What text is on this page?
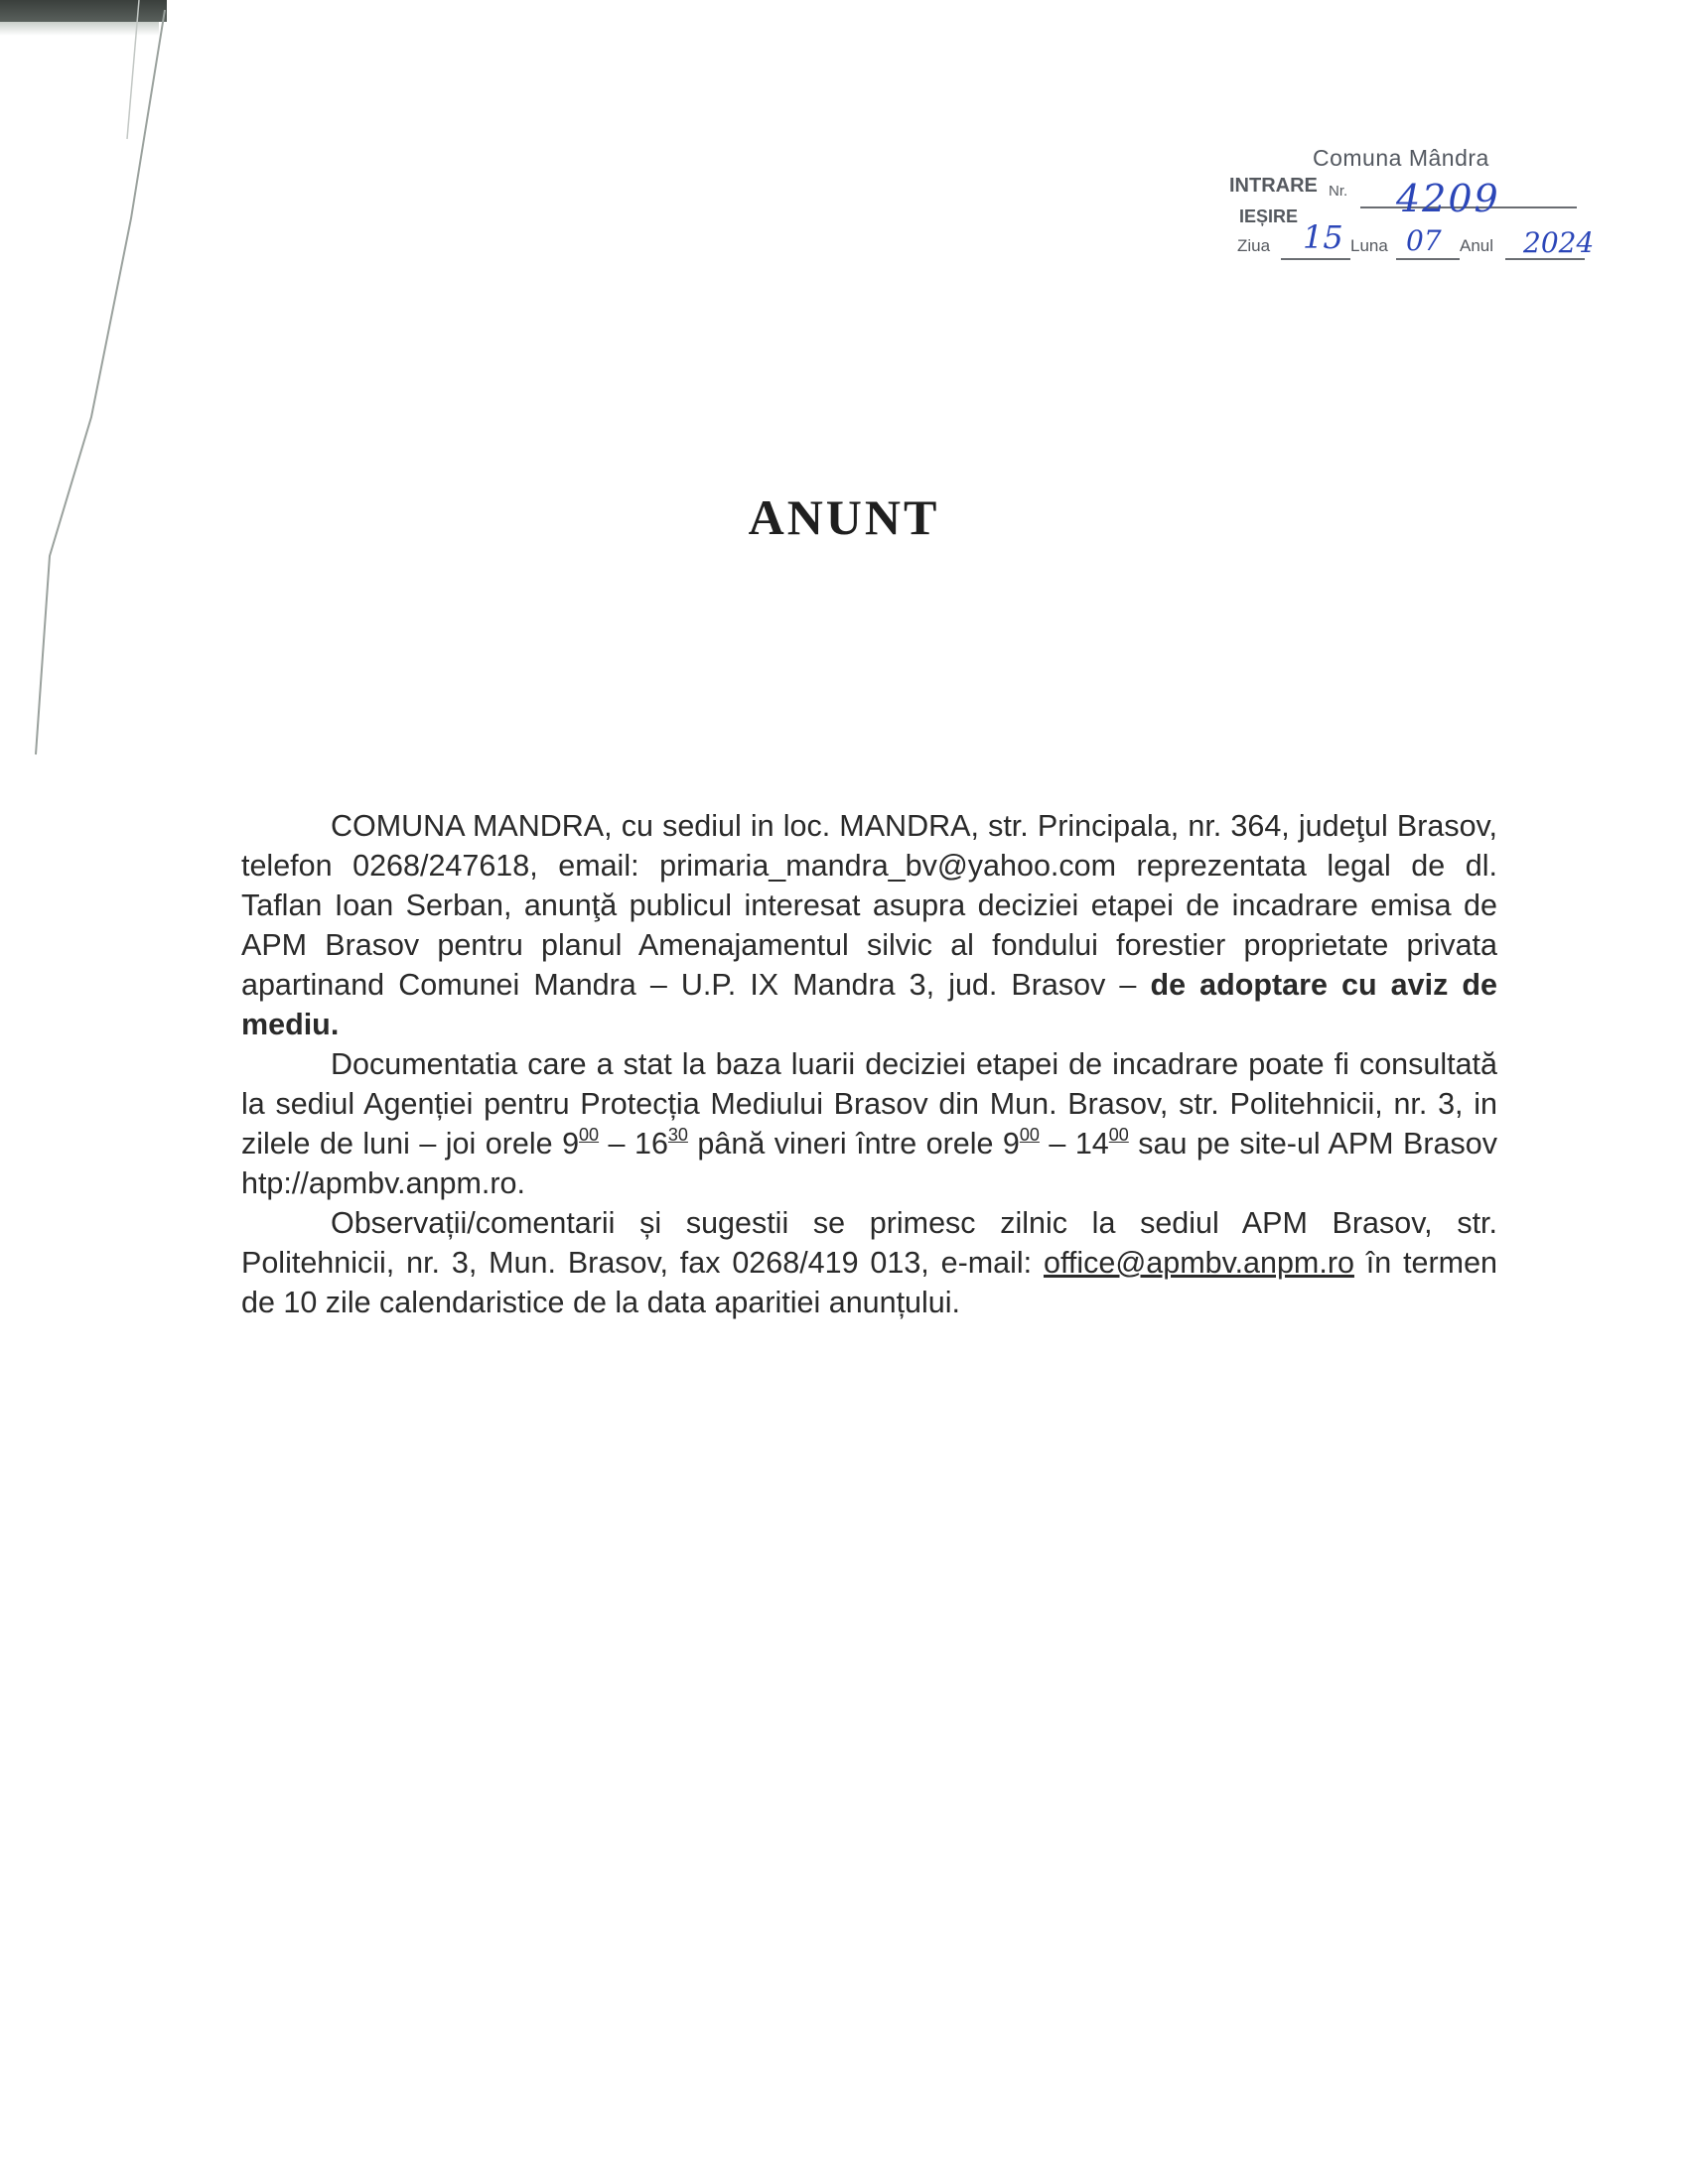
Comuna Mândra
INTRARE Nr. 4209
IEȘIRE
Ziua 15 Luna 07 Anul 2024
ANUNT

COMUNA MANDRA, cu sediul in loc. MANDRA, str. Principala, nr. 364, judeţul Brasov, telefon 0268/247618, email: primaria_mandra_bv@yahoo.com reprezentata legal de dl. Taflan Ioan Serban, anunţă publicul interesat asupra deciziei etapei de incadrare emisa de APM Brasov pentru planul Amenajamentul silvic al fondului forestier proprietate privata apartinand Comunei Mandra – U.P. IX Mandra 3, jud. Brasov – de adoptare cu aviz de mediu.

Documentatia care a stat la baza luarii deciziei etapei de incadrare poate fi consultată la sediul Agenției pentru Protecția Mediului Brasov din Mun. Brasov, str. Politehnicii, nr. 3, in zilele de luni – joi orele $9^{00} - 16^{30}$ până vineri între orele $9^{00} - 14^{00}$ sau pe site-ul APM Brasov htp://apmbv.anpm.ro.

Observații/comentarii și sugestii se primesc zilnic la sediul APM Brasov, str. Politehnicii, nr. 3, Mun. Brasov, fax 0268/419 013, e-mail: office@apmbv.anpm.ro în termen de 10 zile calendaristice de la data aparitiei anunțului.
